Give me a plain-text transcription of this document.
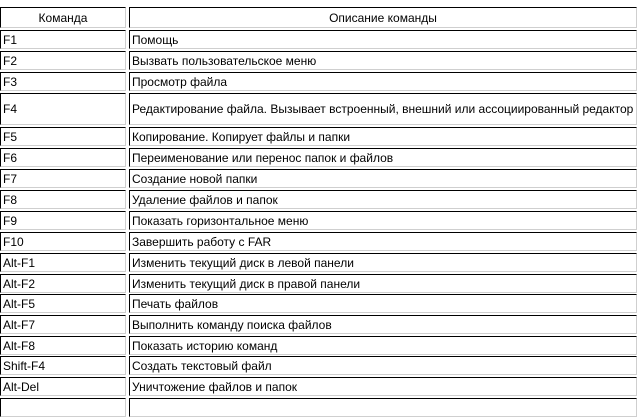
Команда	Описание команды
F1	Помощь
F2	Вызвать пользовательское меню
F3	Просмотр файла
F4	Редактирование файла. Вызывает встроенный, внешний или ассоциированный редактор
F5	Копирование. Копирует файлы и папки
F6	Переименование или перенос папок и файлов
F7	Создание новой папки
F8	Удаление файлов и папок
F9	Показать горизонтальное меню
F10	Завершить работу с FAR
Alt-F1	Изменить текущий диск в левой панели
Alt-F2	Изменить текущий диск в правой панели
Alt-F5	Печать файлов
Alt-F7	Выполнить команду поиска файлов
Alt-F8	Показать историю команд
Shift-F4	Создать текстовый файл
Alt-Del	Уничтожение файлов и папок
